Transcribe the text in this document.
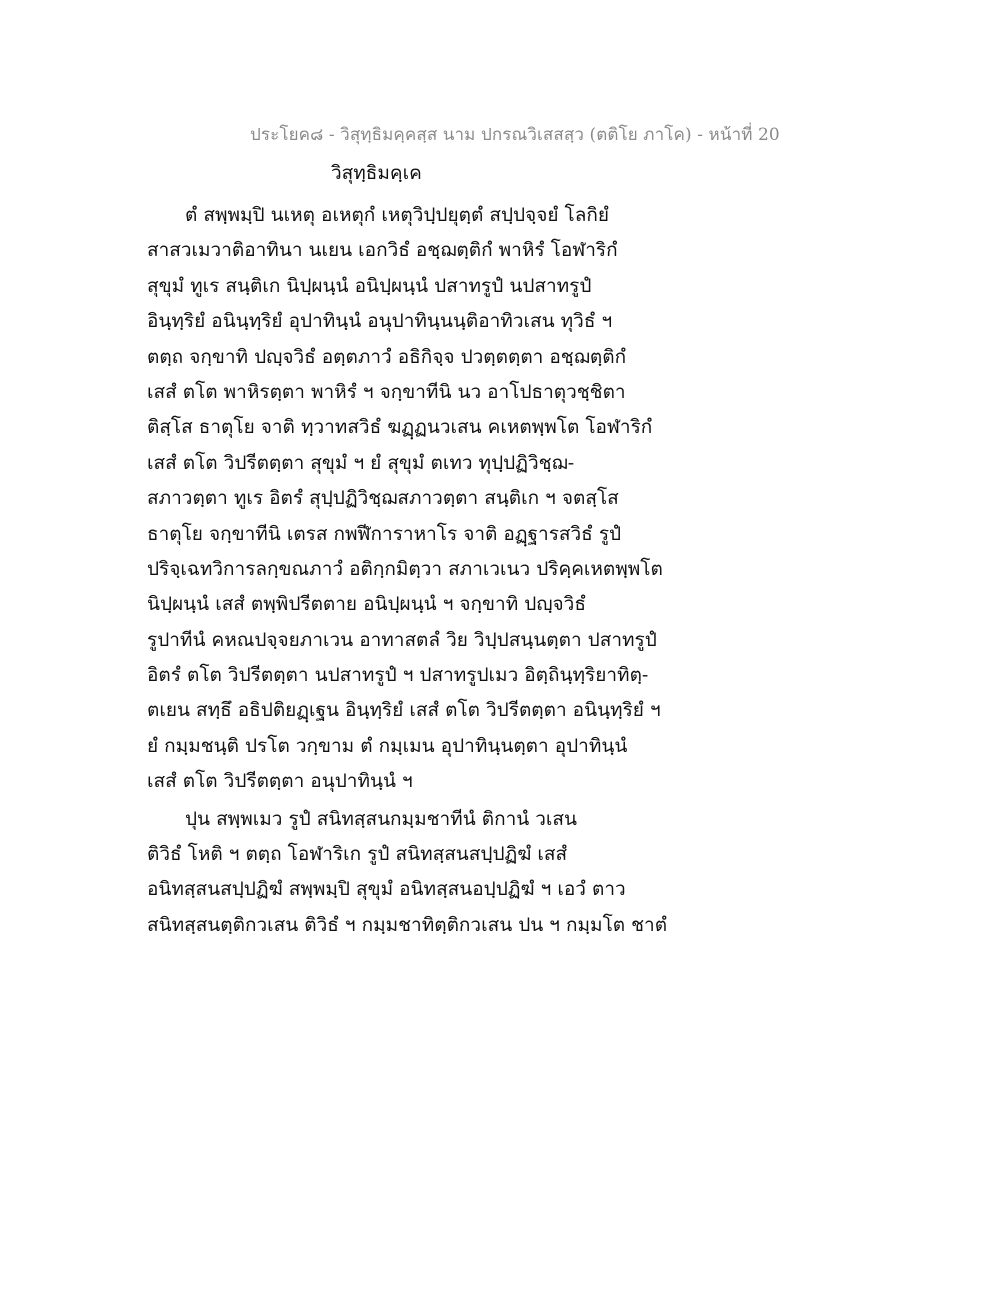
ประโยค๘ - วิสุทฺธิมคฺคสฺส นาม ปกรณวิเสสสฺว (ตติโย ภาโค) - หน้าที่ 20
วิสุทฺธิมคฺเค
ตํ สพฺพมฺปิ นเหตุ อเหตุกํ เหตุวิปฺปยุตฺตํ สปฺปจฺจยํ โลกิยํ
สาสวเมวาติอาทินา นเยน เอกวิธํ อชฺฌตฺติกํ พาหิรํ โอฬาริกํ
สุขุมํ ทูเร สนฺติเก นิปฺผนฺนํ อนิปฺผนฺนํ ปสาทรูปํ นปสาทรูปํ
อินฺทฺริยํ อนินฺทฺริยํ อุปาทินฺนํ อนุปาทินฺนนฺติอาทิวเสน ทุวิธํ ฯ
ตตฺถ จกฺขาทิ ปญฺจวิธํ อตฺตภาวํ อธิกิจฺจ ปวตฺตตฺตา อชฺฌตฺติกํ
เสสํ ตโต พาหิรตฺตา พาหิรํ ฯ จกฺขาทีนิ นว อาโปธาตุวชฺชิตา
ติสฺโส ธาตุโย จาติ ทฺวาทสวิธํ ฆฏฺฏนวเสน คเหตพฺพโต โอฬาริกํ
เสสํ ตโต วิปรีตตฺตา สุขุมํ ฯ ยํ สุขุมํ ตเทว ทุปฺปฏิวิชฺฌ-
สภาวตฺตา ทูเร อิตรํ สุปฺปฏิวิชฺฌสภาวตฺตา สนฺติเก ฯ จตสฺโส
ธาตุโย จกฺขาทีนิ เตรส กพฬีการาหาโร จาติ อฏฺฐารสวิธํ รูปํ
ปริจฺเฉทวิการลกฺขณภาวํ อติกฺกมิตฺวา สภาเวเนว ปริคฺคเหตพฺพโต
นิปฺผนฺนํ เสสํ ตพฺพิปรีตตาย อนิปฺผนฺนํ ฯ จกฺขาทิ ปญฺจวิธํ
รูปาทีนํ คหณปจฺจยภาเวน อาทาสตลํ วิย วิปฺปสนฺนตฺตา ปสาทรูปํ
อิตรํ ตโต วิปรีตตฺตา นปสาทรูปํ ฯ ปสาทรูปเมว อิตฺถินฺทฺริยาทิตฺ-
ตเยน สทฺธึ อธิปติยฏฺเฐน อินฺทฺริยํ เสสํ ตโต วิปรีตตฺตา อนินฺทฺริยํ ฯ
ยํ กมฺมชนฺติ ปรโต วกฺขาม ตํ กมฺเมน อุปาทินฺนตฺตา อุปาทินฺนํ
เสสํ ตโต วิปรีตตฺตา อนุปาทินฺนํ ฯ
ปุน สพฺพเมว รูปํ สนิทสฺสนกมฺมชาทีนํ ติกานํ วเสน
ติวิธํ โหติ ฯ ตตฺถ โอฬาริเก รูปํ สนิทสฺสนสปฺปฏิฆํ เสสํ
อนิทสฺสนสปฺปฏิฆํ สพฺพมฺปิ สุขุมํ อนิทสฺสนอปฺปฏิฆํ ฯ เอวํ ตาว
สนิทสฺสนตฺติกวเสน ติวิธํ ฯ กมฺมชาทิตฺติกวเสน ปน ฯ กมฺมโต ชาตํ
